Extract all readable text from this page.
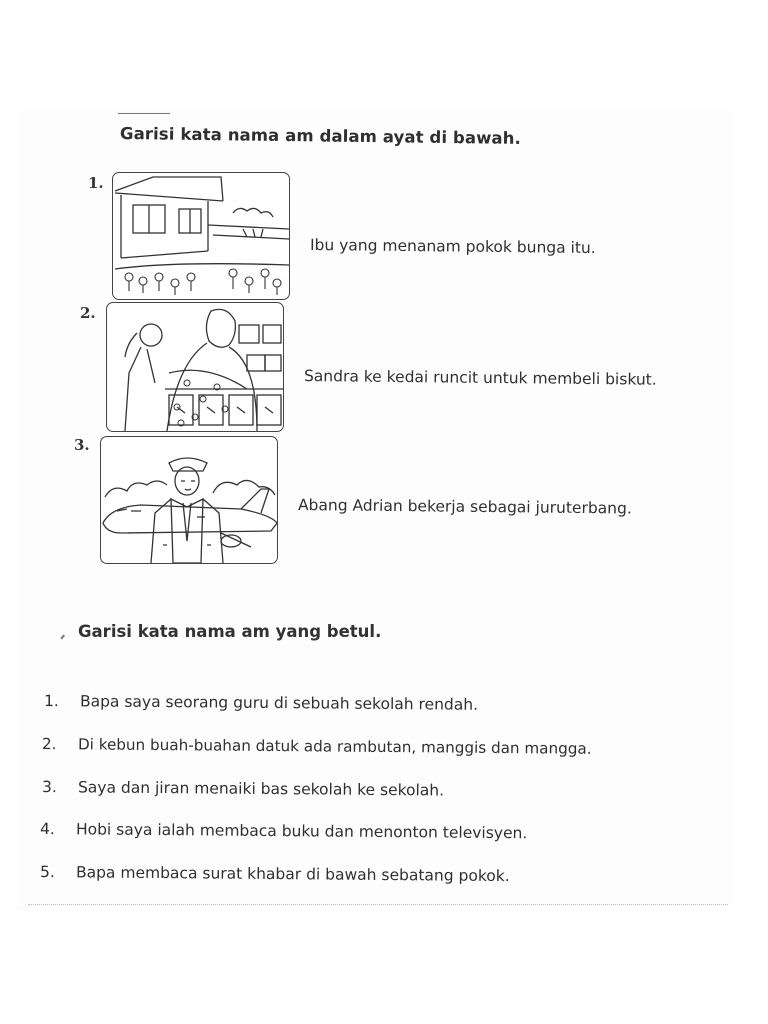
Garisi kata nama am dalam ayat di bawah.
1.
Ibu yang menanam pokok bunga itu.
2.
Sandra ke kedai runcit untuk membeli biskut.
3.
Abang Adrian bekerja sebagai juruterbang.
Garisi kata nama am yang betul.
1. Bapa saya seorang guru di sebuah sekolah rendah.
2. Di kebun buah-buahan datuk ada rambutan, manggis dan mangga.
3. Saya dan jiran menaiki bas sekolah ke sekolah.
4. Hobi saya ialah membaca buku dan menonton televisyen.
5. Bapa membaca surat khabar di bawah sebatang pokok.
